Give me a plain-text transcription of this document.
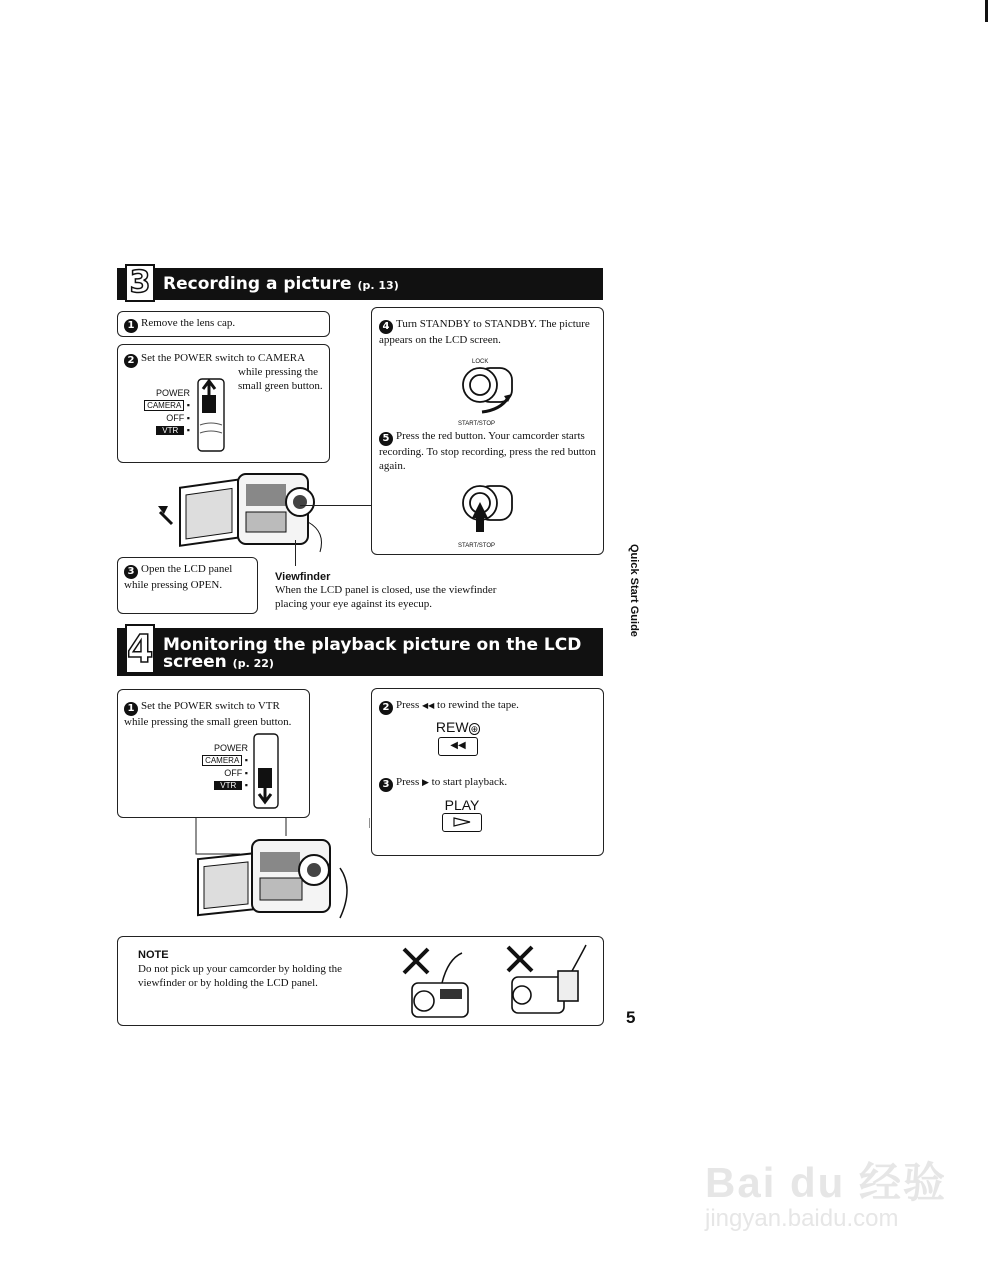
3 Recording a picture (p. 13)
1 Remove the lens cap.
2 Set the POWER switch to CAMERA
while pressing the small green button.
POWER
CAMERA ▪
OFF ▪
VTR ▪
3 Open the LCD panel while pressing OPEN.
Viewfinder
When the LCD panel is closed, use the viewfinder placing your eye against its eyecup.
4 Turn STANDBY to STANDBY. The picture appears on the LCD screen.
LOCK
START/STOP
5 Press the red button. Your camcorder starts recording. To stop recording, press the red button again.
START/STOP
4 Monitoring the playback picture on the LCD
screen (p. 22)
1 Set the POWER switch to VTR while pressing the small green button.
POWER
CAMERA ▪
OFF ▪
VTR ▪
2 Press ◀◀ to rewind the tape.
REW ⊕
◀◀
3 Press ▶ to start playback.
PLAY
NOTE
Do not pick up your camcorder by holding the viewfinder or by holding the LCD panel.
Quick Start Guide
5
Bai du 经验
jingyan.baidu.com
